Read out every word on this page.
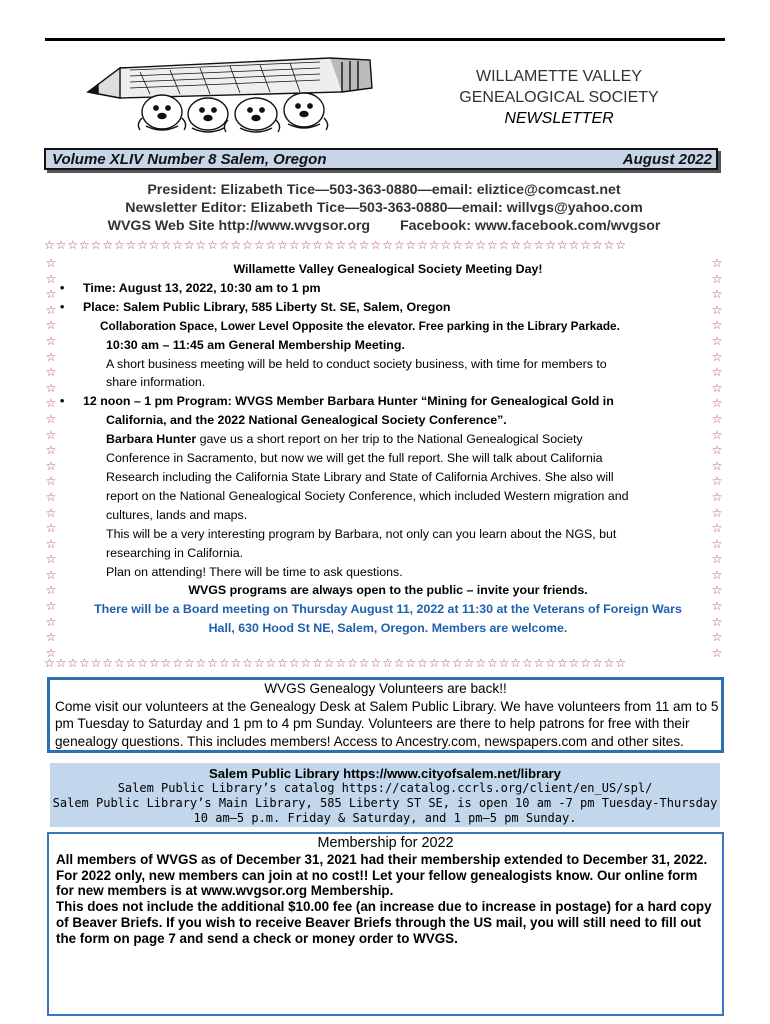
WILLAMETTE VALLEY
GENEALOGICAL SOCIETY
NEWSLETTER
Volume XLIV Number 8 Salem, Oregon	August 2022
President: Elizabeth Tice—503-363-0880—email: eliztice@comcast.net
Newsletter Editor: Elizabeth Tice—503-363-0880—email: willvgs@yahoo.com
WVGS Web Site http://www.wvgsor.org Facebook: www.facebook.com/wvgsor
☆☆☆☆☆☆☆☆☆☆☆☆☆☆☆☆☆☆☆☆☆☆☆☆☆☆☆☆☆☆☆☆☆☆☆☆☆☆☆☆☆☆☆☆☆☆☆☆☆☆
☆☆☆☆☆☆☆☆☆☆☆☆☆☆☆☆☆☆☆☆☆☆☆☆☆☆☆☆☆☆☆☆☆☆☆☆☆☆☆☆☆☆☆☆☆☆☆☆☆☆
☆
☆
☆
☆
☆
☆
☆
☆
☆
☆
☆
☆
☆
☆
☆
☆
☆
☆
☆
☆
☆
☆
☆
☆
☆
☆
☆
☆
☆
☆
☆
☆
☆
☆
☆
☆
☆
☆
☆
☆
☆
☆
☆
☆
☆
☆
☆
☆
☆
☆
☆
☆

Willamette Valley Genealogical Society Meeting Day!

• Time: August 13, 2022, 10:30 am to 1 pm

• Place: Salem Public Library, 585 Liberty St. SE, Salem, Oregon

Collaboration Space, Lower Level Opposite the elevator. Free parking in the Library Parkade.

10:30 am – 11:45 am General Membership Meeting.

A short business meeting will be held to conduct society business, with time for members to

share information.

• 12 noon – 1 pm Program: WVGS Member Barbara Hunter “Mining for Genealogical Gold in

California, and the 2022 National Genealogical Society Conference”.

Barbara Hunter gave us a short report on her trip to the National Genealogical Society

Conference in Sacramento, but now we will get the full report. She will talk about California

Research including the California State Library and State of California Archives. She also will

report on the National Genealogical Society Conference, which included Western migration and

cultures, lands and maps.

This will be a very interesting program by Barbara, not only can you learn about the NGS, but

researching in California.

Plan on attending! There will be time to ask questions.

WVGS programs are always open to the public – invite your friends.

There will be a Board meeting on Thursday August 11, 2022 at 11:30 at the Veterans of Foreign Wars

Hall, 630 Hood St NE, Salem, Oregon. Members are welcome.

WVGS Genealogy Volunteers are back!!
Come visit our volunteers at the Genealogy Desk at Salem Public Library. We have volunteers from 11 am to 5 pm Tuesday to Saturday and 1 pm to 4 pm Sunday. Volunteers are there to help patrons for free with their genealogy questions. This includes members! Access to Ancestry.com, newspapers.com and other sites.
Salem Public Library https://www.cityofsalem.net/library
Salem Public Library’s catalog https://catalog.ccrls.org/client/en_US/spl/
Salem Public Library’s Main Library, 585 Liberty ST SE, is open 10 am -7 pm Tuesday-Thursday
10 am—5 p.m. Friday & Saturday, and 1 pm—5 pm Sunday.
Membership for 2022
All members of WVGS as of December 31, 2021 had their membership extended to December 31, 2022. For 2022 only, new members can join at no cost!! Let your fellow genealogists know. Our online form for new members is at www.wvgsor.org Membership.
This does not include the additional $10.00 fee (an increase due to increase in postage) for a hard copy of Beaver Briefs. If you wish to receive Beaver Briefs through the US mail, you will still need to fill out the form on page 7 and send a check or money order to WVGS.
